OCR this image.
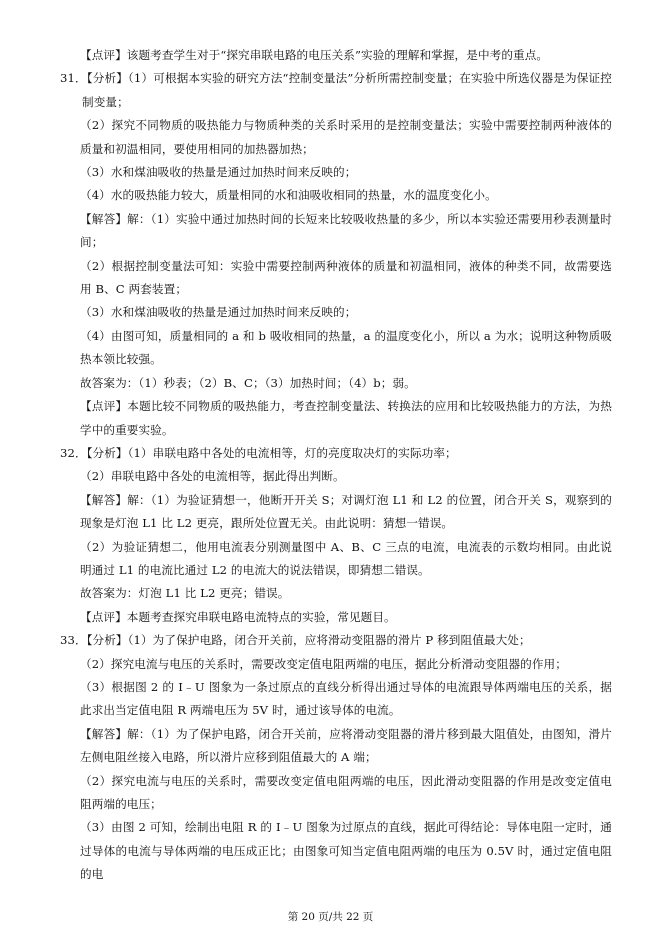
【点评】该题考查学生对于“探究串联电路的电压关系”实验的理解和掌握，是中考的重点。

31．【分析】（1）可根据本实验的研究方法“控制变量法”分析所需控制变量；在实验中所选仪器是为保证控制变量；

（2）探究不同物质的吸热能力与物质种类的关系时采用的是控制变量法；实验中需要控制两种液体的质量和初温相同，要使用相同的加热器加热；

（3）水和煤油吸收的热量是通过加热时间来反映的；

（4）水的吸热能力较大，质量相同的水和油吸收相同的热量，水的温度变化小。

【解答】解：（1）实验中通过加热时间的长短来比较吸收热量的多少，所以本实验还需要用秒表测量时间；

（2）根据控制变量法可知：实验中需要控制两种液体的质量和初温相同，液体的种类不同，故需要选用 B、C 两套装置；

（3）水和煤油吸收的热量是通过加热时间来反映的；

（4）由图可知，质量相同的 a 和 b 吸收相同的热量，a 的温度变化小，所以 a 为水；说明这种物质吸热本领比较强。

故答案为：（1）秒表；（2）B、C；（3）加热时间；（4）b；弱。

【点评】本题比较不同物质的吸热能力，考查控制变量法、转换法的应用和比较吸热能力的方法，为热学中的重要实验。

32．【分析】（1）串联电路中各处的电流相等，灯的亮度取决灯的实际功率；

（2）串联电路中各处的电流相等，据此得出判断。

【解答】解：（1）为验证猜想一，他断开开关 S；对调灯泡 L1 和 L2 的位置，闭合开关 S，观察到的现象是灯泡 L1 比 L2 更亮，跟所处位置无关。由此说明：猜想一错误。

（2）为验证猜想二，他用电流表分别测量图中 A、B、C 三点的电流，电流表的示数均相同。由此说明通过 L1 的电流比通过 L2 的电流大的说法错误，即猜想二错误。

故答案为：灯泡 L1 比 L2 更亮；错误。

【点评】本题考查探究串联电路电流特点的实验，常见题目。

33．【分析】（1）为了保护电路，闭合开关前，应将滑动变阻器的滑片 P 移到阻值最大处；

（2）探究电流与电压的关系时，需要改变定值电阻两端的电压，据此分析滑动变阻器的作用；

（3）根据图 2 的 I﹣U 图象为一条过原点的直线分析得出通过导体的电流跟导体两端电压的关系，据此求出当定值电阻 R 两端电压为 5V 时，通过该导体的电流。

【解答】解：（1）为了保护电路，闭合开关前，应将滑动变阻器的滑片移到最大阻值处，由图知，滑片左侧电阻丝接入电路，所以滑片应移到阻值最大的 A 端；

（2）探究电流与电压的关系时，需要改变定值电阻两端的电压，因此滑动变阻器的作用是改变定值电阻两端的电压；

（3）由图 2 可知，绘制出电阻 R 的 I﹣U 图象为过原点的直线，据此可得结论：导体电阻一定时，通过导体的电流与导体两端的电压成正比；由图象可知当定值电阻两端的电压为 0.5V 时，通过定值电阻的电

第 20 页/共 22 页
